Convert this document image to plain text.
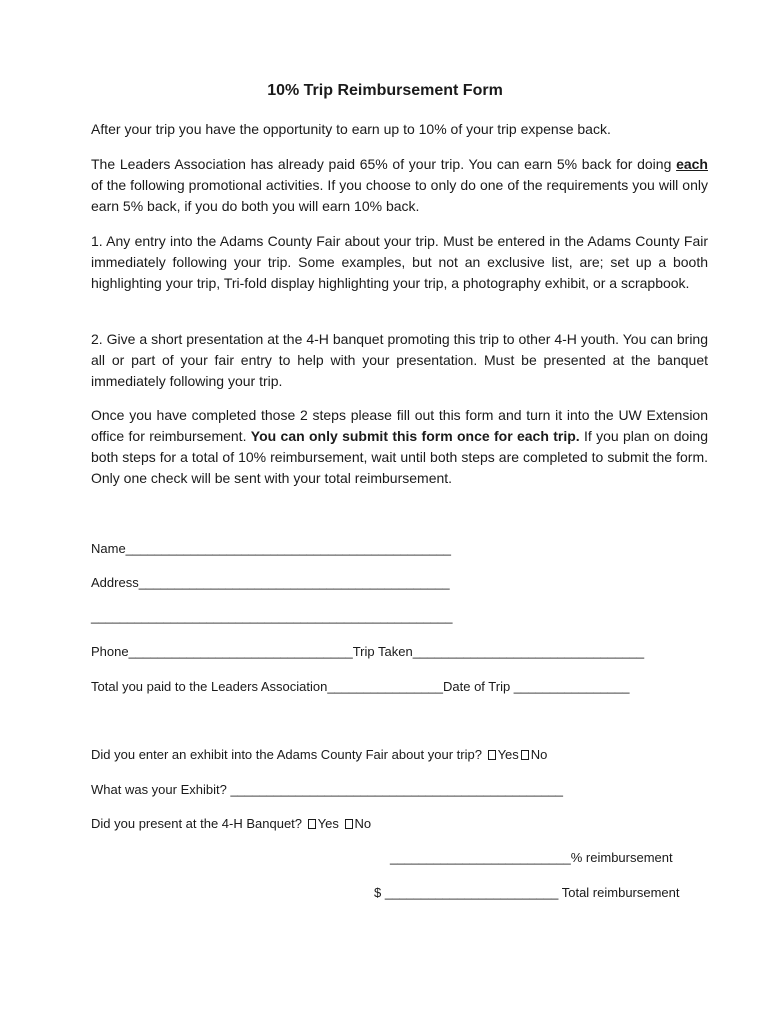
10% Trip Reimbursement Form

After your trip you have the opportunity to earn up to 10% of your trip expense back.

The Leaders Association has already paid 65% of your trip. You can earn 5% back for doing each of the following promotional activities. If you choose to only do one of the requirements you will only earn 5% back, if you do both you will earn 10% back.

1. Any entry into the Adams County Fair about your trip. Must be entered in the Adams County Fair immediately following your trip. Some examples, but not an exclusive list, are; set up a booth highlighting your trip, Tri-fold display highlighting your trip, a photography exhibit, or a scrapbook.

2. Give a short presentation at the 4-H banquet promoting this trip to other 4-H youth. You can bring all or part of your fair entry to help with your presentation. Must be presented at the banquet immediately following your trip.

Once you have completed those 2 steps please fill out this form and turn it into the UW Extension office for reimbursement. You can only submit this form once for each trip. If you plan on doing both steps for a total of 10% reimbursement, wait until both steps are completed to submit the form. Only one check will be sent with your total reimbursement.

Name_____________________________________________
Address___________________________________________
__________________________________________________
Phone_______________________________Trip Taken________________________________
Total you paid to the Leaders Association________________Date of Trip ________________
Did you enter an exhibit into the Adams County Fair about your trip? Yes No
What was your Exhibit? ______________________________________________
Did you present at the 4-H Banquet? Yes No
_________________________% reimbursement
$ ________________________ Total reimbursement
